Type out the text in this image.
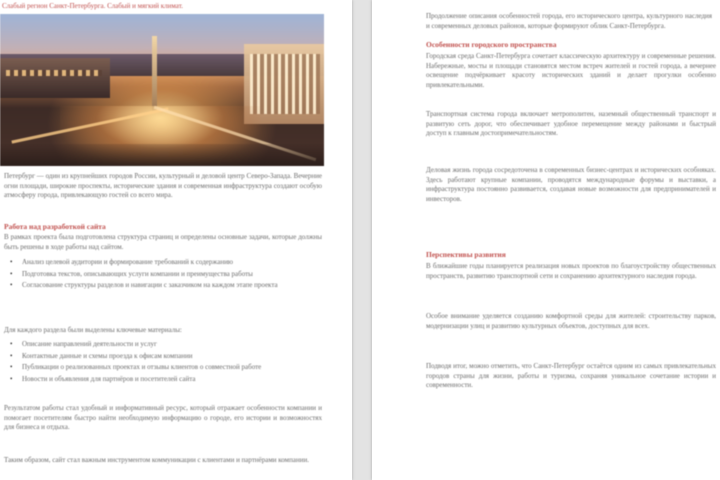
Слабый регион Санкт-Петербурга. Слабый и мягкий климат.
Петербург — один из крупнейших городов России, культурный и деловой центр Северо-Запада. Вечерние огни площади, широкие проспекты, исторические здания и современная инфраструктура создают особую атмосферу города, привлекающую гостей со всего мира.
Работа над разработкой сайта
В рамках проекта была подготовлена структура страниц и определены основные задачи, которые должны быть решены в ходе работы над сайтом.
• Анализ целевой аудитории и формирование требований к содержанию
• Подготовка текстов, описывающих услуги компании и преимущества работы
• Согласование структуры разделов и навигации с заказчиком на каждом этапе проекта
Для каждого раздела были выделены ключевые материалы:
• Описание направлений деятельности и услуг
• Контактные данные и схемы проезда к офисам компании
• Публикации о реализованных проектах и отзывы клиентов о совместной работе
• Новости и объявления для партнёров и посетителей сайта
Результатом работы стал удобный и информативный ресурс, который отражает особенности компании и помогает посетителям быстро найти необходимую информацию о городе, его истории и возможностях для бизнеса и отдыха.
Таким образом, сайт стал важным инструментом коммуникации с клиентами и партнёрами компании.
Продолжение описания особенностей города, его исторического центра, культурного наследия и современных деловых районов, которые формируют облик Санкт-Петербурга.
Особенности городского пространства
Городская среда Санкт-Петербурга сочетает классическую архитектуру и современные решения. Набережные, мосты и площади становятся местом встреч жителей и гостей города, а вечернее освещение подчёркивает красоту исторических зданий и делает прогулки особенно привлекательными.
Транспортная система города включает метрополитен, наземный общественный транспорт и развитую сеть дорог, что обеспечивает удобное перемещение между районами и быстрый доступ к главным достопримечательностям.
Деловая жизнь города сосредоточена в современных бизнес-центрах и исторических особняках. Здесь работают крупные компании, проводятся международные форумы и выставки, а инфраструктура постоянно развивается, создавая новые возможности для предпринимателей и инвесторов.
Перспективы развития
В ближайшие годы планируется реализация новых проектов по благоустройству общественных пространств, развитию транспортной сети и сохранению архитектурного наследия города.
Особое внимание уделяется созданию комфортной среды для жителей: строительству парков, модернизации улиц и развитию культурных объектов, доступных для всех.
Подводя итог, можно отметить, что Санкт-Петербург остаётся одним из самых привлекательных городов страны для жизни, работы и туризма, сохраняя уникальное сочетание истории и современности.
